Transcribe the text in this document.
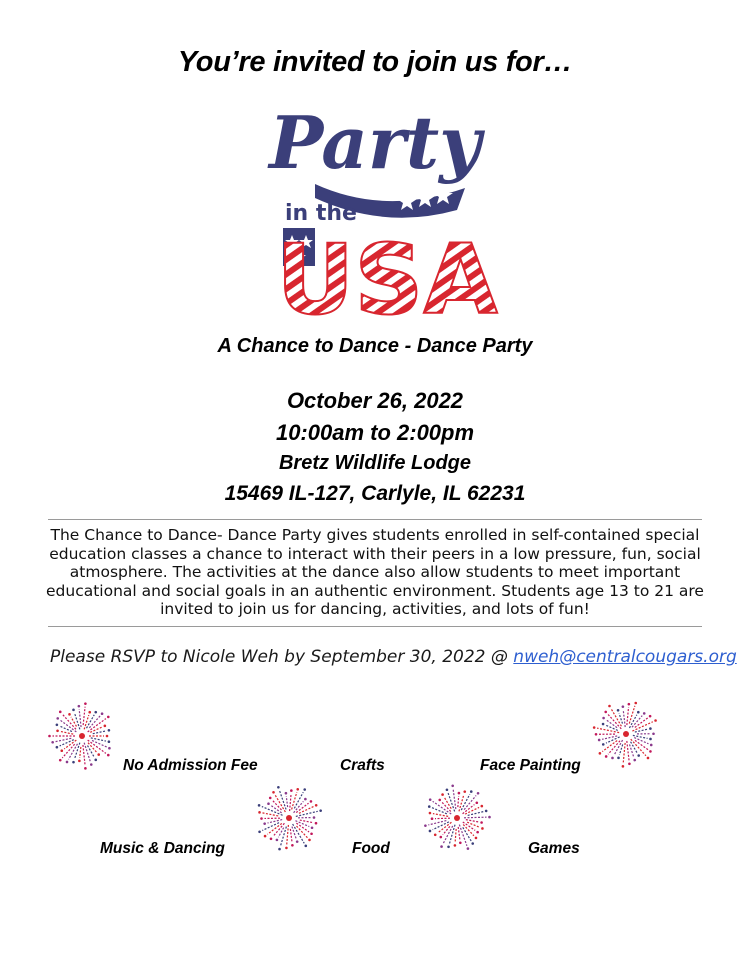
You’re invited to join us for…
Party
in the
USA
A Chance to Dance - Dance Party
October 26, 2022
10:00am to 2:00pm
Bretz Wildlife Lodge
15469 IL-127, Carlyle, IL 62231
The Chance to Dance- Dance Party gives students enrolled in self-contained special education classes a chance to interact with their peers in a low pressure, fun, social atmosphere. The activities at the dance also allow students to meet important educational and social goals in an authentic environment. Students age 13 to 21 are invited to join us for dancing, activities, and lots of fun!
Please RSVP to Nicole Weh by September 30, 2022 @ nweh@centralcougars.org
No Admission Fee	Crafts	Face Painting
Music & Dancing	Food	Games
